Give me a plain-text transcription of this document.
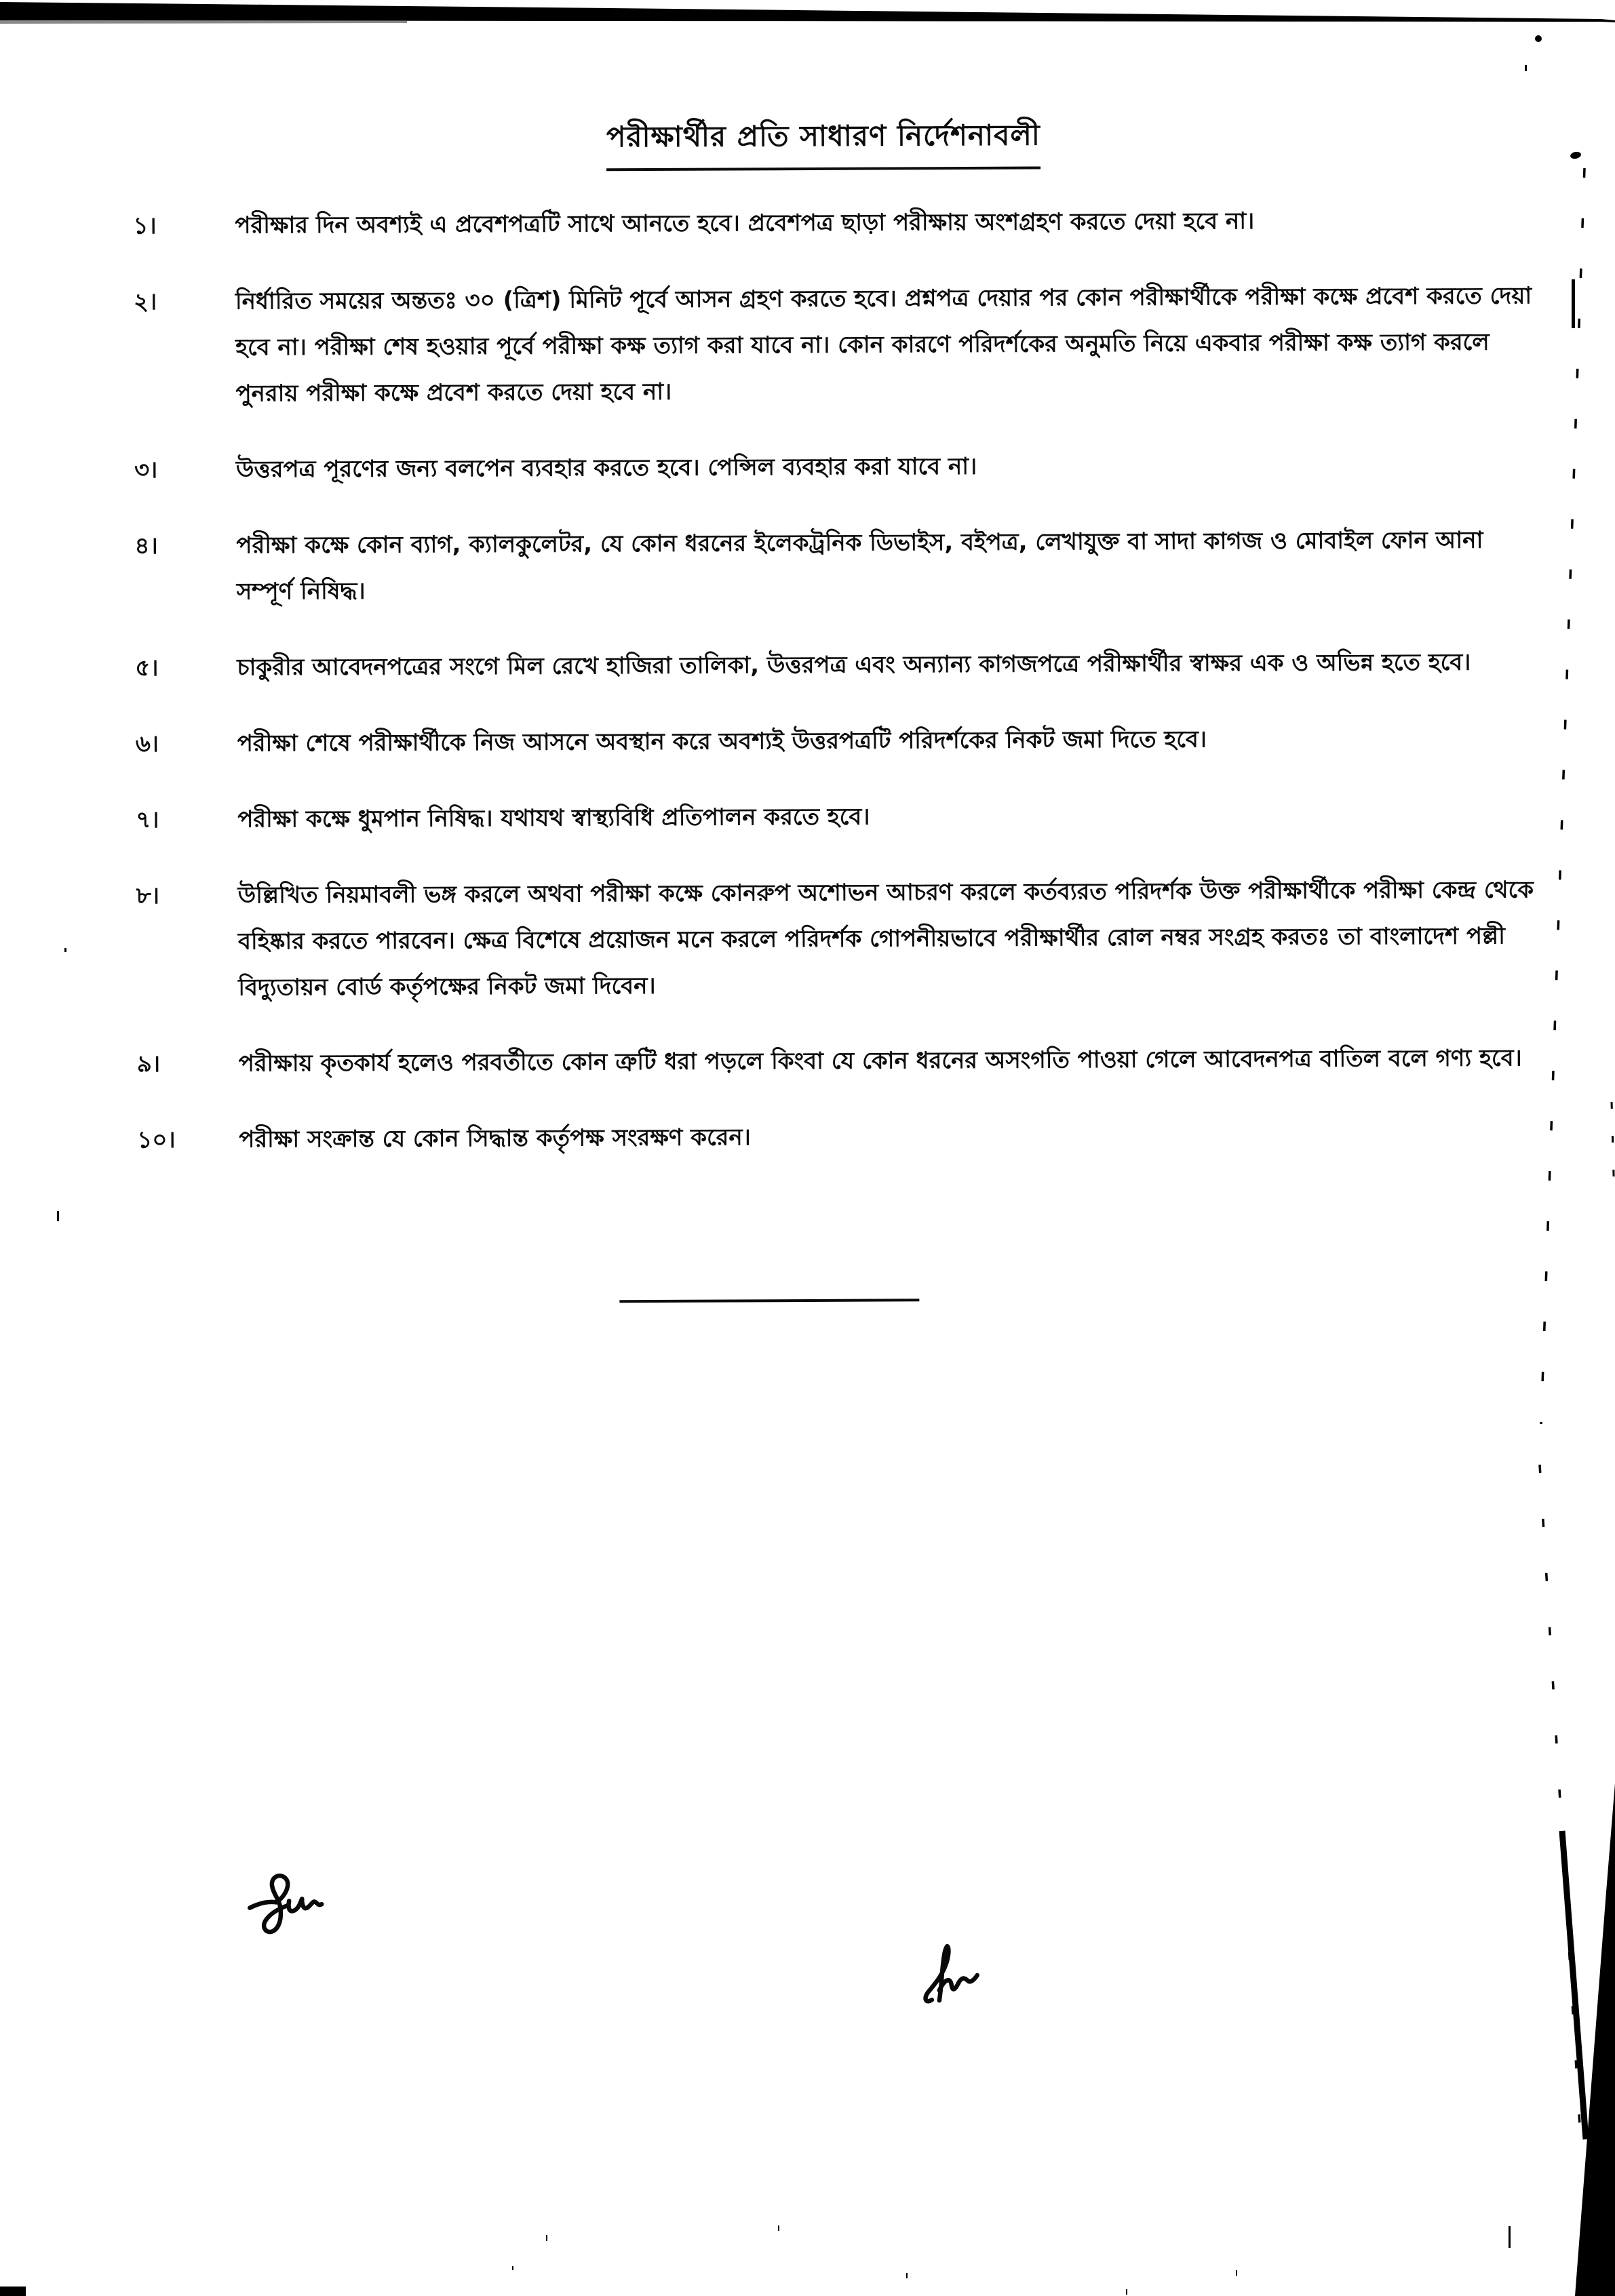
পরীক্ষার্থীর প্রতি সাধারণ নির্দেশনাবলী
১।	পরীক্ষার দিন অবশ্যই এ প্রবেশপত্রটি সাথে আনতে হবে। প্রবেশপত্র ছাড়া পরীক্ষায় অংশগ্রহণ করতে দেয়া হবে না।
২।	নির্ধারিত সময়ের অন্ততঃ ৩০ (ত্রিশ) মিনিট পূর্বে আসন গ্রহণ করতে হবে। প্রশ্নপত্র দেয়ার পর কোন পরীক্ষার্থীকে পরীক্ষা কক্ষে প্রবেশ করতে দেয়া হবে না। পরীক্ষা শেষ হওয়ার পূর্বে পরীক্ষা কক্ষ ত্যাগ করা যাবে না। কোন কারণে পরিদর্শকের অনুমতি নিয়ে একবার পরীক্ষা কক্ষ ত্যাগ করলে পুনরায় পরীক্ষা কক্ষে প্রবেশ করতে দেয়া হবে না।
৩।	উত্তরপত্র পূরণের জন্য বলপেন ব্যবহার করতে হবে। পেন্সিল ব্যবহার করা যাবে না।
৪।	পরীক্ষা কক্ষে কোন ব্যাগ, ক্যালকুলেটর, যে কোন ধরনের ইলেকট্রনিক ডিভাইস, বইপত্র, লেখাযুক্ত বা সাদা কাগজ ও মোবাইল ফোন আনা সম্পূর্ণ নিষিদ্ধ।
৫।	চাকুরীর আবেদনপত্রের সংগে মিল রেখে হাজিরা তালিকা, উত্তরপত্র এবং অন্যান্য কাগজপত্রে পরীক্ষার্থীর স্বাক্ষর এক ও অভিন্ন হতে হবে।
৬।	পরীক্ষা শেষে পরীক্ষার্থীকে নিজ আসনে অবস্থান করে অবশ্যই উত্তরপত্রটি পরিদর্শকের নিকট জমা দিতে হবে।
৭।	পরীক্ষা কক্ষে ধুমপান নিষিদ্ধ। যথাযথ স্বাস্থ্যবিধি প্রতিপালন করতে হবে।
৮।	উল্লিখিত নিয়মাবলী ভঙ্গ করলে অথবা পরীক্ষা কক্ষে কোনরুপ অশোভন আচরণ করলে কর্তব্যরত পরিদর্শক উক্ত পরীক্ষার্থীকে পরীক্ষা কেন্দ্র থেকে বহিষ্কার করতে পারবেন। ক্ষেত্র বিশেষে প্রয়োজন মনে করলে পরিদর্শক গোপনীয়ভাবে পরীক্ষার্থীর রোল নম্বর সংগ্রহ করতঃ তা বাংলাদেশ পল্লী বিদ্যুতায়ন বোর্ড কর্তৃপক্ষের নিকট জমা দিবেন।
৯।	পরীক্ষায় কৃতকার্য হলেও পরবর্তীতে কোন ত্রুটি ধরা পড়লে কিংবা যে কোন ধরনের অসংগতি পাওয়া গেলে আবেদনপত্র বাতিল বলে গণ্য হবে।
১০।	পরীক্ষা সংক্রান্ত যে কোন সিদ্ধান্ত কর্তৃপক্ষ সংরক্ষণ করেন।
